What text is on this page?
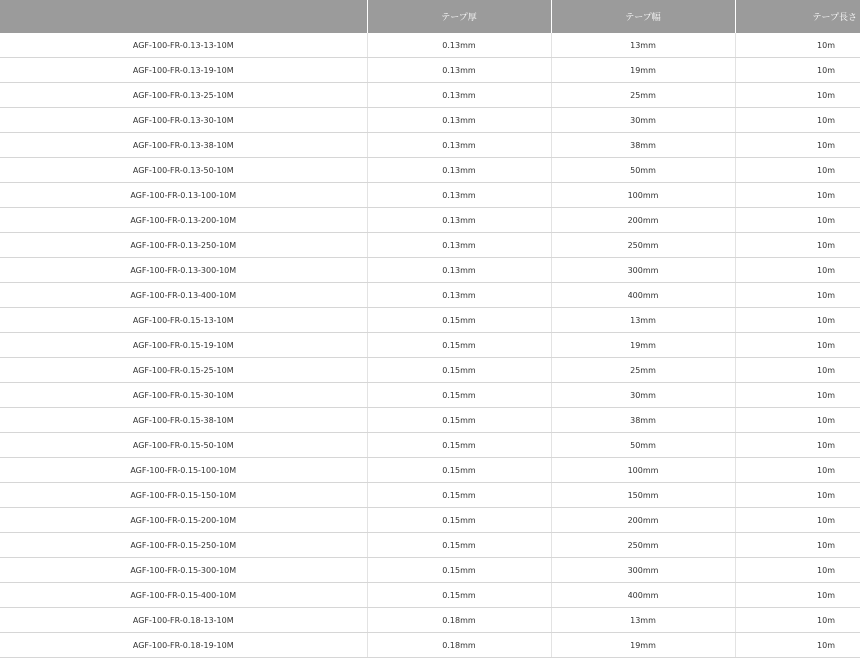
	テープ厚	テープ幅	テープ長さ
AGF-100-FR-0.13-13-10M	0.13mm	13mm	10m
AGF-100-FR-0.13-19-10M	0.13mm	19mm	10m
AGF-100-FR-0.13-25-10M	0.13mm	25mm	10m
AGF-100-FR-0.13-30-10M	0.13mm	30mm	10m
AGF-100-FR-0.13-38-10M	0.13mm	38mm	10m
AGF-100-FR-0.13-50-10M	0.13mm	50mm	10m
AGF-100-FR-0.13-100-10M	0.13mm	100mm	10m
AGF-100-FR-0.13-200-10M	0.13mm	200mm	10m
AGF-100-FR-0.13-250-10M	0.13mm	250mm	10m
AGF-100-FR-0.13-300-10M	0.13mm	300mm	10m
AGF-100-FR-0.13-400-10M	0.13mm	400mm	10m
AGF-100-FR-0.15-13-10M	0.15mm	13mm	10m
AGF-100-FR-0.15-19-10M	0.15mm	19mm	10m
AGF-100-FR-0.15-25-10M	0.15mm	25mm	10m
AGF-100-FR-0.15-30-10M	0.15mm	30mm	10m
AGF-100-FR-0.15-38-10M	0.15mm	38mm	10m
AGF-100-FR-0.15-50-10M	0.15mm	50mm	10m
AGF-100-FR-0.15-100-10M	0.15mm	100mm	10m
AGF-100-FR-0.15-150-10M	0.15mm	150mm	10m
AGF-100-FR-0.15-200-10M	0.15mm	200mm	10m
AGF-100-FR-0.15-250-10M	0.15mm	250mm	10m
AGF-100-FR-0.15-300-10M	0.15mm	300mm	10m
AGF-100-FR-0.15-400-10M	0.15mm	400mm	10m
AGF-100-FR-0.18-13-10M	0.18mm	13mm	10m
AGF-100-FR-0.18-19-10M	0.18mm	19mm	10m
